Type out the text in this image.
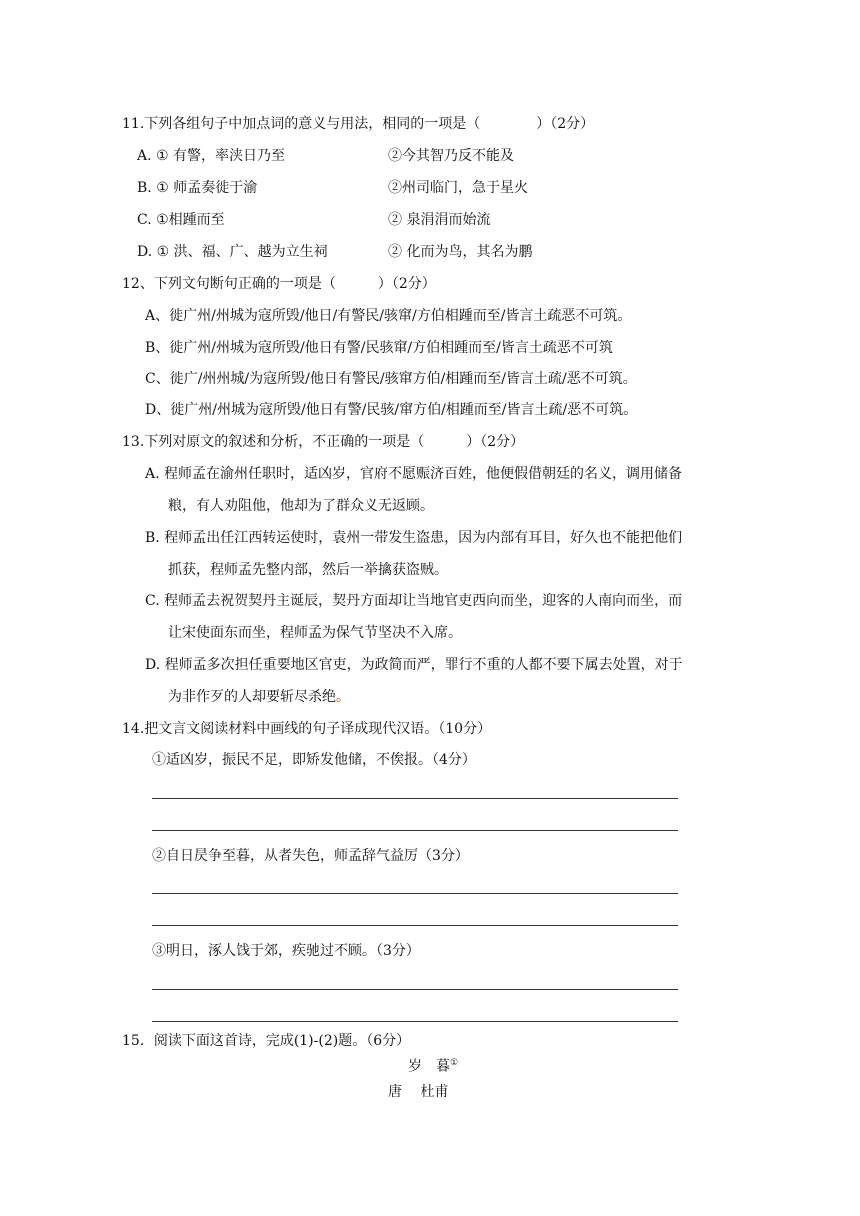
11.下列各组句子中加点词的意义与用法，相同的一项是（　　　　）（2分）
A. ① 有警，率浃日乃至	②今其智乃反不能及
B. ① 师孟奏徙于渝	②州司临门，急于星火
C. ①相踵而至	② 泉涓涓而始流
D. ① 洪、福、广、越为立生祠	② 化而为鸟，其名为鹏
12、下列文句断句正确的一项是（　　　）（2分）
A、徙广州/州城为寇所毁/他日/有警民/骇窜/方伯相踵而至/皆言土疏恶不可筑。
B、徙广州/州城为寇所毁/他日有警/民骇窜/方伯相踵而至/皆言土疏恶不可筑
C、徙广/州州城/为寇所毁/他日有警民/骇窜方伯/相踵而至/皆言土疏/恶不可筑。
D、徙广州/州城为寇所毁/他日有警/民骇/窜方伯/相踵而至/皆言土疏/恶不可筑。
13.下列对原文的叙述和分析，不正确的一项是（　　　）（2分）
A. 程师孟在渝州任职时，适凶岁，官府不愿赈济百姓，他便假借朝廷的名义，调用储备
粮，有人劝阻他，他却为了群众义无返顾。
B. 程师孟出任江西转运使时，袁州一带发生盗患，因为内部有耳目，好久也不能把他们
抓获，程师孟先整内部，然后一举擒获盗贼。
C. 程师孟去祝贺契丹主诞辰，契丹方面却让当地官吏西向而坐，迎客的人南向而坐，而
让宋使面东而坐，程师孟为保气节坚决不入席。
D. 程师孟多次担任重要地区官吏，为政简而严，罪行不重的人都不要下属去处置，对于
为非作歹的人却要斩尽杀绝。
14.把文言文阅读材料中画线的句子译成现代汉语。（10分）
①适凶岁，振民不足，即矫发他储，不俟报。（4分）
②自日昃争至暮，从者失色，师孟辞气益厉（3分）
③明日，涿人饯于郊，疾驰过不顾。（3分）
15．阅读下面这首诗，完成(1)-(2)题。（6分）
岁　暮①
唐　 杜甫
